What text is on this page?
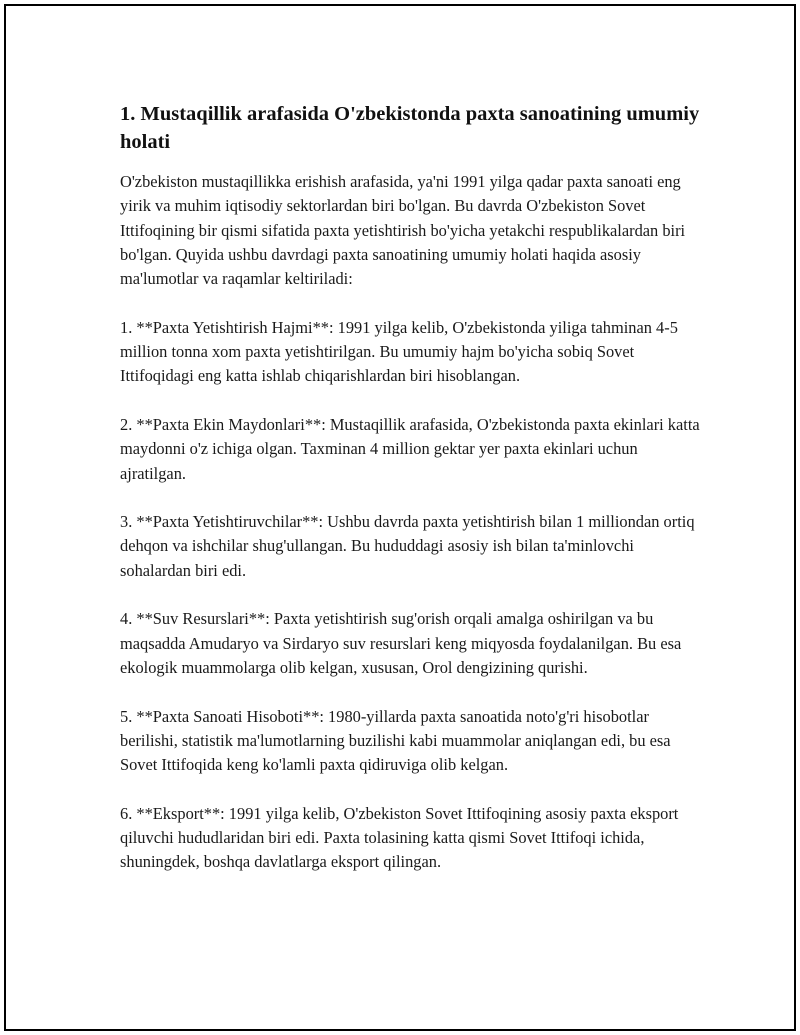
1. Mustaqillik arafasida O'zbekistonda paxta sanoatining umumiy holati

O'zbekiston mustaqillikka erishish arafasida, ya'ni 1991 yilga qadar paxta sanoati eng yirik va muhim iqtisodiy sektorlardan biri bo'lgan. Bu davrda O'zbekiston Sovet Ittifoqining bir qismi sifatida paxta yetishtirish bo'yicha yetakchi respublikalardan biri bo'lgan. Quyida ushbu davrdagi paxta sanoatining umumiy holati haqida asosiy ma'lumotlar va raqamlar keltiriladi:

1. **Paxta Yetishtirish Hajmi**: 1991 yilga kelib, O'zbekistonda yiliga tahminan 4-5 million tonna xom paxta yetishtirilgan. Bu umumiy hajm bo'yicha sobiq Sovet Ittifoqidagi eng katta ishlab chiqarishlardan biri hisoblangan.

2. **Paxta Ekin Maydonlari**: Mustaqillik arafasida, O'zbekistonda paxta ekinlari katta maydonni o'z ichiga olgan. Taxminan 4 million gektar yer paxta ekinlari uchun ajratilgan.

3. **Paxta Yetishtiruvchilar**: Ushbu davrda paxta yetishtirish bilan 1 milliondan ortiq dehqon va ishchilar shug'ullangan. Bu hududdagi asosiy ish bilan ta'minlovchi sohalardan biri edi.

4. **Suv Resurslari**: Paxta yetishtirish sug'orish orqali amalga oshirilgan va bu maqsadda Amudaryo va Sirdaryo suv resurslari keng miqyosda foydalanilgan. Bu esa ekologik muammolarga olib kelgan, xususan, Orol dengizining qurishi.

5. **Paxta Sanoati Hisoboti**: 1980-yillarda paxta sanoatida noto'g'ri hisobotlar berilishi, statistik ma'lumotlarning buzilishi kabi muammolar aniqlangan edi, bu esa Sovet Ittifoqida keng ko'lamli paxta qidiruviga olib kelgan.

6. **Eksport**: 1991 yilga kelib, O'zbekiston Sovet Ittifoqining asosiy paxta eksport qiluvchi hududlaridan biri edi. Paxta tolasining katta qismi Sovet Ittifoqi ichida, shuningdek, boshqa davlatlarga eksport qilingan.
